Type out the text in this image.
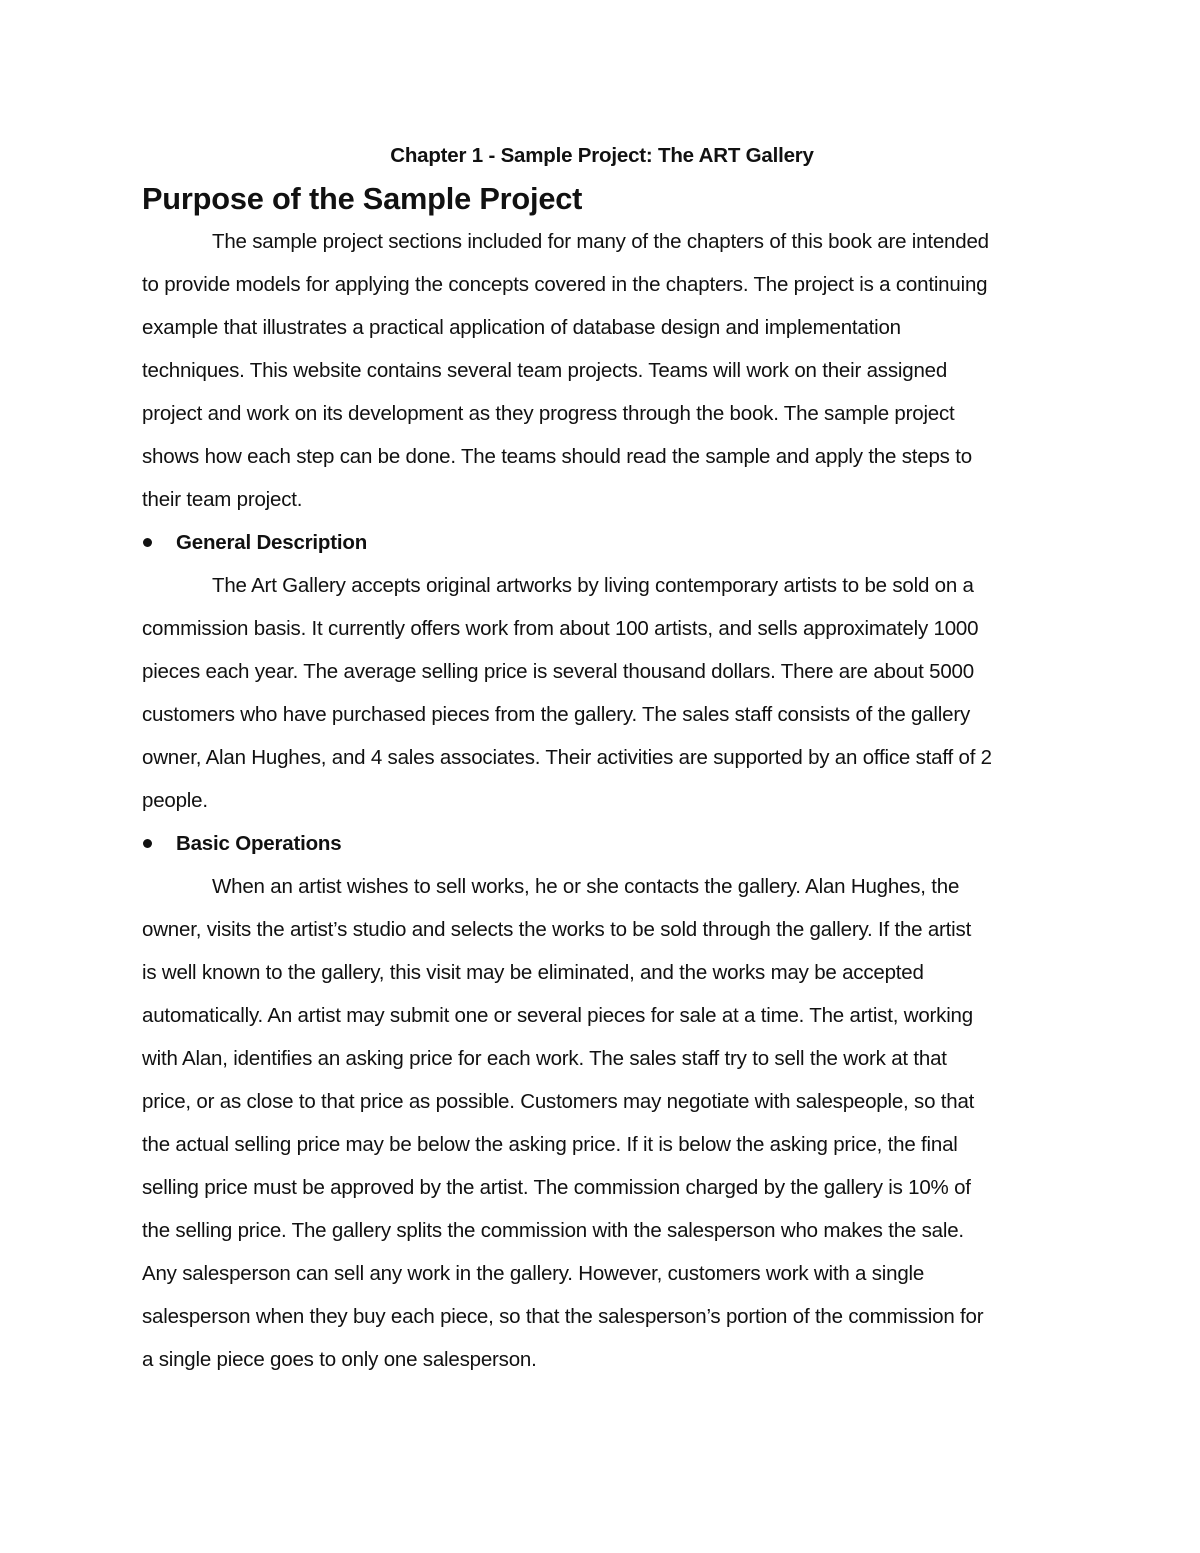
Chapter 1 - Sample Project: The ART Gallery
Purpose of the Sample Project

The sample project sections included for many of the chapters of this book are intended
to provide models for applying the concepts covered in the chapters. The project is a continuing
example that illustrates a practical application of database design and implementation
techniques. This website contains several team projects. Teams will work on their assigned
project and work on its development as they progress through the book. The sample project
shows how each step can be done. The teams should read the sample and apply the steps to
their team project.

General Description

The Art Gallery accepts original artworks by living contemporary artists to be sold on a
commission basis. It currently offers work from about 100 artists, and sells approximately 1000
pieces each year. The average selling price is several thousand dollars. There are about 5000
customers who have purchased pieces from the gallery. The sales staff consists of the gallery
owner, Alan Hughes, and 4 sales associates. Their activities are supported by an office staff of 2
people.

Basic Operations

When an artist wishes to sell works, he or she contacts the gallery. Alan Hughes, the
owner, visits the artist’s studio and selects the works to be sold through the gallery. If the artist
is well known to the gallery, this visit may be eliminated, and the works may be accepted
automatically. An artist may submit one or several pieces for sale at a time. The artist, working
with Alan, identifies an asking price for each work. The sales staff try to sell the work at that
price, or as close to that price as possible. Customers may negotiate with salespeople, so that
the actual selling price may be below the asking price. If it is below the asking price, the final
selling price must be approved by the artist. The commission charged by the gallery is 10% of
the selling price. The gallery splits the commission with the salesperson who makes the sale.
Any salesperson can sell any work in the gallery. However, customers work with a single
salesperson when they buy each piece, so that the salesperson’s portion of the commission for
a single piece goes to only one salesperson.
